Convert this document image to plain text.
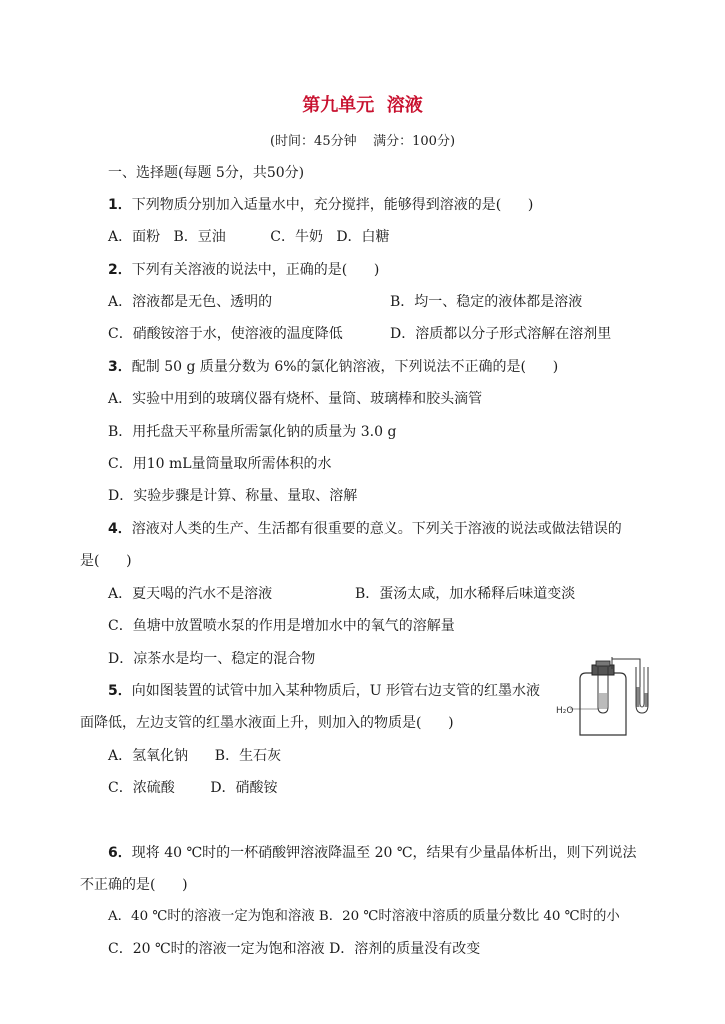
第九单元  溶液
(时间：45分钟    满分：100分)
一、选择题(每题 5分，共50分)
1．下列物质分别加入适量水中，充分搅拌，能够得到溶液的是(      )
A．面粉   B．豆油          C．牛奶   D．白糖
2．下列有关溶液的说法中，正确的是(      )
A．溶液都是无色、透明的	B．均一、稳定的液体都是溶液
C．硝酸铵溶于水，使溶液的温度降低	D．溶质都以分子形式溶解在溶剂里
3．配制 50 g 质量分数为 6%的氯化钠溶液，下列说法不正确的是(      )
A．实验中用到的玻璃仪器有烧杯、量筒、玻璃棒和胶头滴管
B．用托盘天平称量所需氯化钠的质量为 3.0 g
C．用10 mL量筒量取所需体积的水
D．实验步骤是计算、称量、量取、溶解
4．溶液对人类的生产、生活都有很重要的意义。下列关于溶液的说法或做法错误的
是(      )
A．夏天喝的汽水不是溶液	B．蛋汤太咸，加水稀释后味道变淡
C．鱼塘中放置喷水泵的作用是增加水中的氧气的溶解量
D．凉茶水是均一、稳定的混合物
5．向如图装置的试管中加入某种物质后，U 形管右边支管的红墨水液
面降低，左边支管的红墨水液面上升，则加入的物质是(      )
A．氢氧化钠      B．生石灰
C．浓硫酸        D．硝酸铵
H₂O
6．现将 40 ℃时的一杯硝酸钾溶液降温至 20 ℃，结果有少量晶体析出，则下列说法
不正确的是(      )
A．40 ℃时的溶液一定为饱和溶液 B．20 ℃时溶液中溶质的质量分数比 40 ℃时的小
C．20 ℃时的溶液一定为饱和溶液 D．溶剂的质量没有改变
